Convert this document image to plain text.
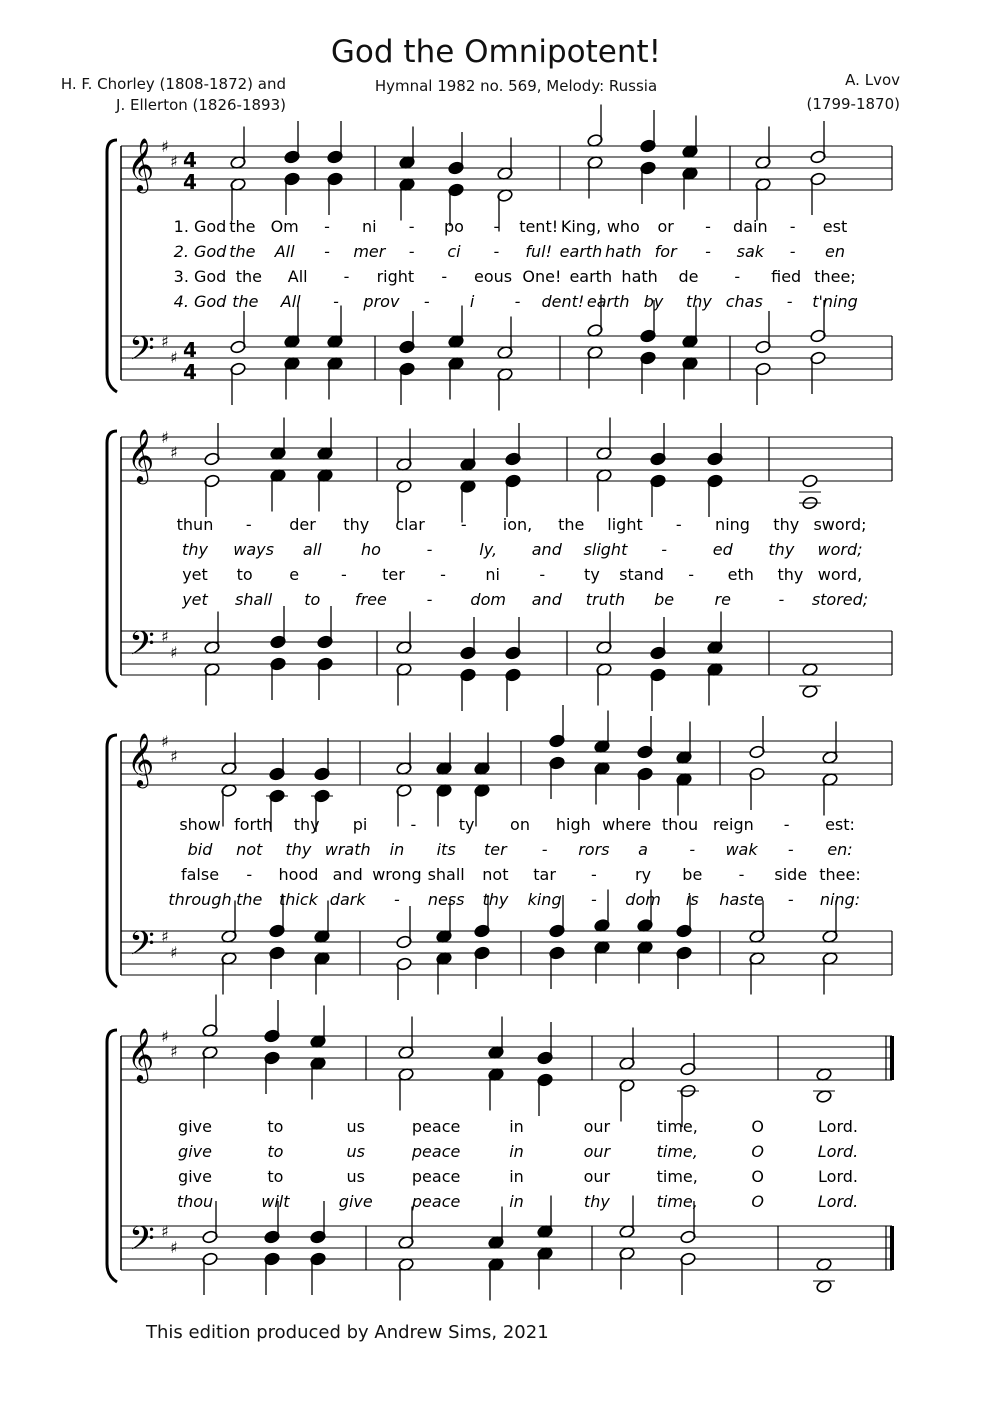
God the Omnipotent!
H. F. Chorley (1808-1872) and
J. Ellerton (1826-1893)
Hymnal 1982 no. 569, Melody: Russia	A. Lvov
(1799-1870)
𝄞 ♯
♯ 4
4
𝄢 ♯
♯ 4
4
1. God the Om - ni - po - tent! King, who or - dain - est
2. God the All - mer - ci - ful! earth hath for - sak - en
3. God the All - right - eous One! earth hath de - fied thee;
4. God the All - prov -	i	- dent! earth by thy chas - t'ning
𝄞 ♯
♯
𝄢 ♯
♯
thun - der thy clar - ion, the light - ning thy sword;
thy ways all ho	-	ly, and slight -	ed thy word;
yet to e	- ter - ni - ty stand - eth thy word,
yet shall to free - dom and truth be	re	- stored;
𝄞 ♯
♯
𝄢 ♯
♯
show forth thy pi	-	ty on high where thou reign - est:
bid not thy wrath in its ter - rors a	- wak - en:
false - hood and wrong shall not tar - ry be - side thee:
through the thick dark - ness thy king - dom is haste - ning:
𝄞 ♯
♯
𝄢 ♯
♯
give	to	us	peace	in	our	time,	O	Lord.
give	to	us	peace	in	our	time,	O	Lord.
give	to	us	peace	in	our	time,	O	Lord.
thou	wilt	give peace	in	thy	time,	O	Lord.
This edition produced by Andrew Sims, 2021
